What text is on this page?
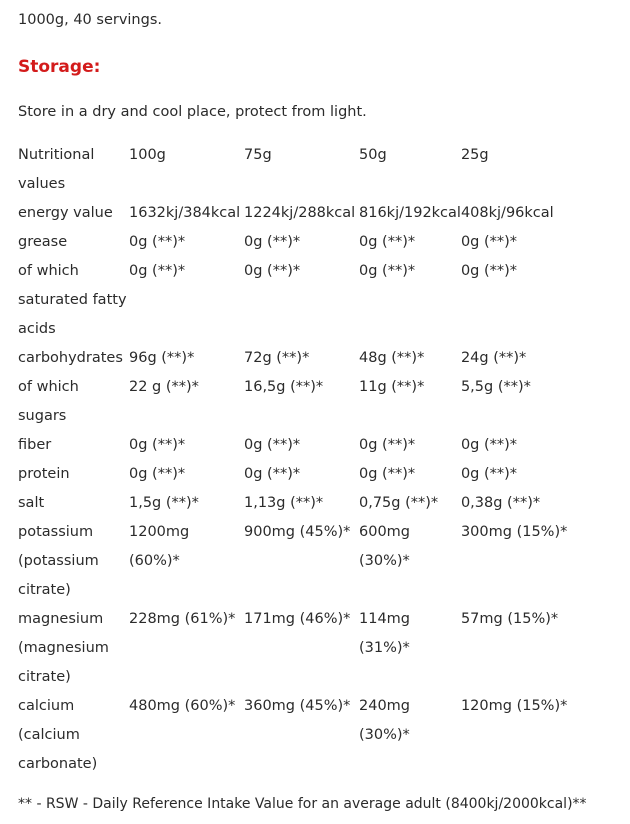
1000g, 40 servings.
Storage:
Store in a dry and cool place, protect from light.
Nutritional values	100g	75g	50g	25g
energy value	1632kj/384kcal	1224kj/288kcal	816kj/192kcal	408kj/96kcal
grease	0g (**)*	0g (**)*	0g (**)*	0g (**)*
of which saturated fatty acids	0g (**)*	0g (**)*	0g (**)*	0g (**)*
carbohydrates	96g (**)*	72g (**)*	48g (**)*	24g (**)*
of which sugars	22 g (**)*	16,5g (**)*	11g (**)*	5,5g (**)*
fiber	0g (**)*	0g (**)*	0g (**)*	0g (**)*
protein	0g (**)*	0g (**)*	0g (**)*	0g (**)*
salt	1,5g (**)*	1,13g (**)*	0,75g (**)*	0,38g (**)*
potassium (potassium citrate)	1200mg (60%)*	900mg (45%)*	600mg (30%)*	300mg (15%)*
magnesium (magnesium citrate)	228mg (61%)*	171mg (46%)*	114mg (31%)*	57mg (15%)*
calcium (calcium carbonate)	480mg (60%)*	360mg (45%)*	240mg (30%)*	120mg (15%)*
** - RSW - Daily Reference Intake Value for an average adult (8400kj/2000kcal)**
